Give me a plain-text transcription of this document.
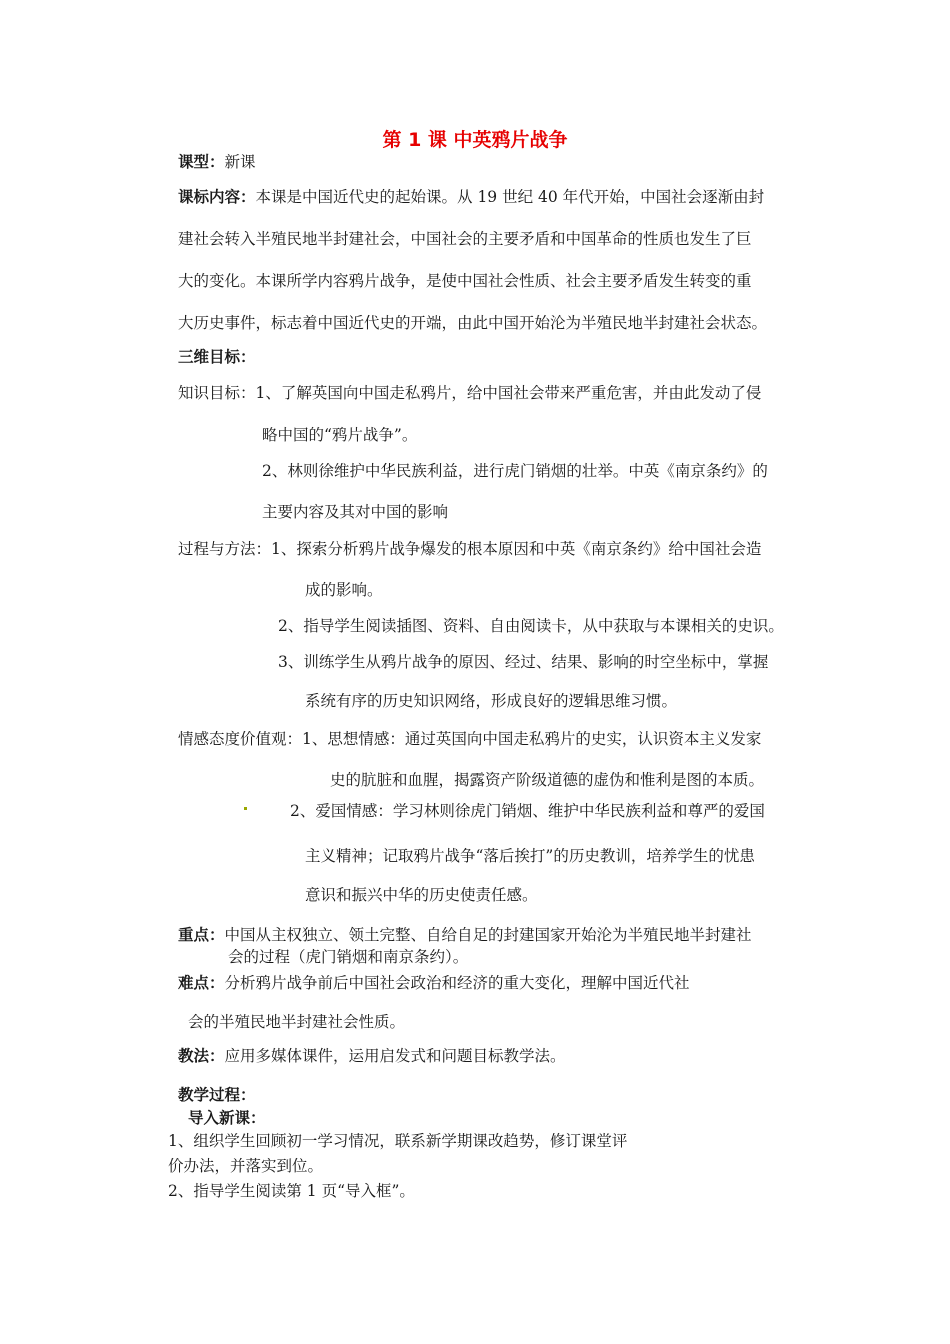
第 1 课 中英鸦片战争
课型：新课
课标内容：本课是中国近代史的起始课。从 19 世纪 40 年代开始，中国社会逐渐由封
建社会转入半殖民地半封建社会，中国社会的主要矛盾和中国革命的性质也发生了巨
大的变化。本课所学内容鸦片战争，是使中国社会性质、社会主要矛盾发生转变的重
大历史事件，标志着中国近代史的开端，由此中国开始沦为半殖民地半封建社会状态。
三维目标：
知识目标：1、了解英国向中国走私鸦片，给中国社会带来严重危害，并由此发动了侵
略中国的“鸦片战争”。
2、林则徐维护中华民族利益，进行虎门销烟的壮举。中英《南京条约》的
主要内容及其对中国的影响
过程与方法：1、探索分析鸦片战争爆发的根本原因和中英《南京条约》给中国社会造
成的影响。
2、指导学生阅读插图、资料、自由阅读卡，从中获取与本课相关的史识。
3、训练学生从鸦片战争的原因、经过、结果、影响的时空坐标中，掌握
系统有序的历史知识网络，形成良好的逻辑思维习惯。
情感态度价值观：1、思想情感：通过英国向中国走私鸦片的史实，认识资本主义发家
史的肮脏和血腥，揭露资产阶级道德的虚伪和惟利是图的本质。
2、爱国情感：学习林则徐虎门销烟、维护中华民族利益和尊严的爱国
主义精神；记取鸦片战争“落后挨打”的历史教训，培养学生的忧患
意识和振兴中华的历史使责任感。
重点：中国从主权独立、领土完整、自给自足的封建国家开始沦为半殖民地半封建社
会的过程（虎门销烟和南京条约）。
难点：分析鸦片战争前后中国社会政治和经济的重大变化，理解中国近代社
会的半殖民地半封建社会性质。
教法：应用多媒体课件，运用启发式和问题目标教学法。
教学过程：
导入新课：
1、组织学生回顾初一学习情况，联系新学期课改趋势，修订课堂评
价办法，并落实到位。
2、指导学生阅读第 1 页“导入框”。
